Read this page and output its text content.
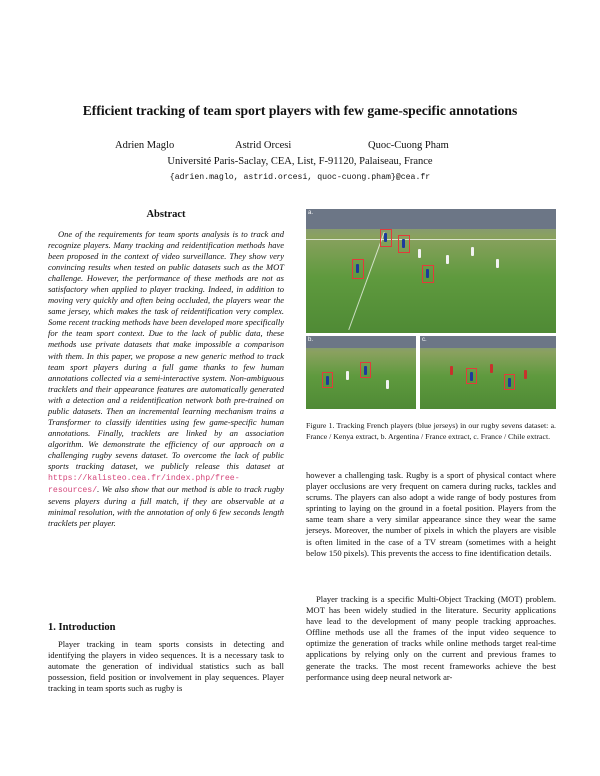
Efficient tracking of team sport players with few game-specific annotations
Adrien Maglo	Astrid Orcesi	Quoc-Cuong Pham
Université Paris-Saclay, CEA, List, F-91120, Palaiseau, France
{adrien.maglo, astrid.orcesi, quoc-cuong.pham}@cea.fr
Abstract

One of the requirements for team sports analysis is to track and recognize players. Many tracking and reidentification methods have been proposed in the context of video surveillance. They show very convincing results when tested on public datasets such as the MOT challenge. However, the performance of these methods are not as satisfactory when applied to player tracking. Indeed, in addition to moving very quickly and often being occluded, the players wear the same jersey, which makes the task of reidentification very complex. Some recent tracking methods have been developed more specifically for the team sport context. Due to the lack of public data, these methods use private datasets that make impossible a comparison with them. In this paper, we propose a new generic method to track team sport players during a full game thanks to few human annotations collected via a semi-interactive system. Non-ambiguous tracklets and their appearance features are automatically generated with a detection and a reidentification network both pre-trained on public datasets. Then an incremental learning mechanism trains a Transformer to classify identities using few game-specific human annotations. Finally, tracklets are linked by an association algorithm. We demonstrate the efficiency of our approach on a challenging rugby sevens dataset. To overcome the lack of public sports tracking dataset, we publicly release this dataset at https://kalisteo.cea.fr/index.php/free-resources/. We also show that our method is able to track rugby sevens players during a full match, if they are observable at a minimal resolution, with the annotation of only 6 few seconds length tracklets per player.

1. Introduction

Player tracking in team sports consists in detecting and identifying the players in video sequences. It is a necessary task to automate the generation of individual statistics such as ball possession, field position or involvement in play sequences. Player tracking in team sports such as rugby is

a.
b.	c.

Figure 1. Tracking French players (blue jerseys) in our rugby sevens dataset: a. France / Kenya extract, b. Argentina / France extract, c. France / Chile extract.

however a challenging task. Rugby is a sport of physical contact where player occlusions are very frequent on camera during rucks, tackles and scrums. The players can also adopt a wide range of body postures from sprinting to laying on the ground in a foetal position. Players from the same team share a very similar appearance since they wear the same jerseys. Moreover, the number of pixels in which the players are visible is often limited in the case of a TV stream (sometimes with a height below 150 pixels). This prevents the access to fine identification details.

Player tracking is a specific Multi-Object Tracking (MOT) problem. MOT has been widely studied in the literature. Security applications have lead to the development of many people tracking approaches. Offline methods use all the frames of the input video sequence to optimize the generation of tracks while online methods target real-time applications by relying only on the current and previous frames to generate the tracks. The most recent frameworks achieve the best performance using deep neural network ar-
